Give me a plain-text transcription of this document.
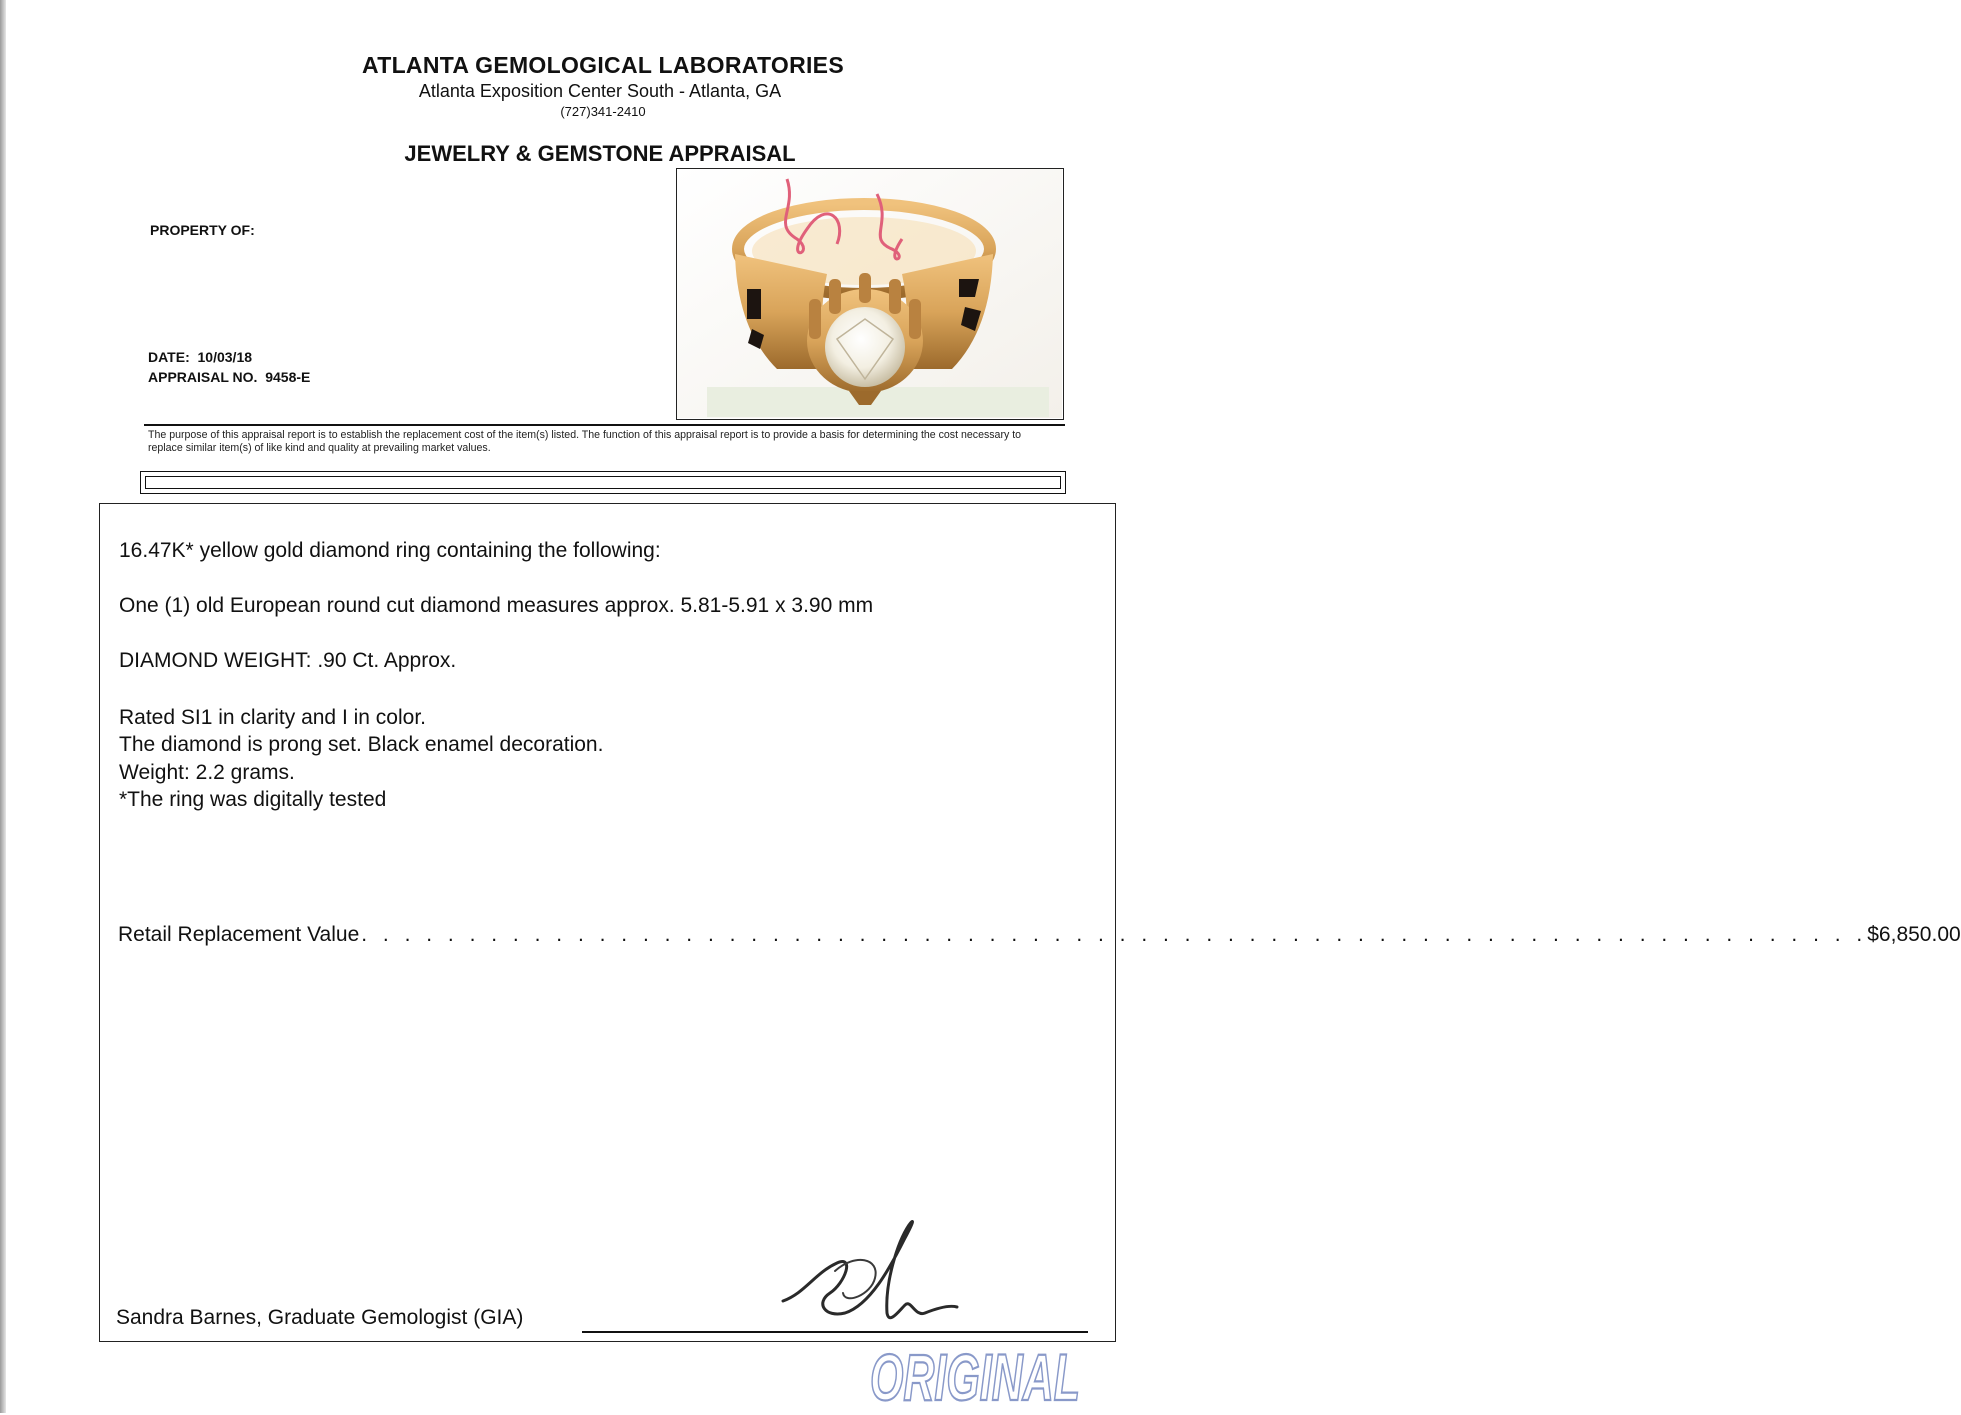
ATLANTA GEMOLOGICAL LABORATORIES
Atlanta Exposition Center South - Atlanta, GA
(727)341-2410
JEWELRY & GEMSTONE APPRAISAL
PROPERTY OF:
DATE: 10/03/18
APPRAISAL NO. 9458-E
The purpose of this appraisal report is to establish the replacement cost of the item(s) listed. The function of this appraisal report is to provide a basis for determining the cost necessary to replace similar item(s) of like kind and quality at prevailing market values.
16.47K* yellow gold diamond ring containing the following:
One (1) old European round cut diamond measures approx. 5.81-5.91 x 3.90 mm
DIAMOND WEIGHT: .90 Ct. Approx.
Rated SI1 in clarity and I in color.
The diamond is prong set. Black enamel decoration.
Weight: 2.2 grams.
*The ring was digitally tested
Retail Replacement Value . . . . . . . . . . . . . . . . . . . . . . . . . . . . . . . . . . . . . . . . . . . . . . . . . . . . . . . . . . . . . . . . . . . . . . $6,850.00
Sandra Barnes, Graduate Gemologist (GIA)
ORIGINAL
